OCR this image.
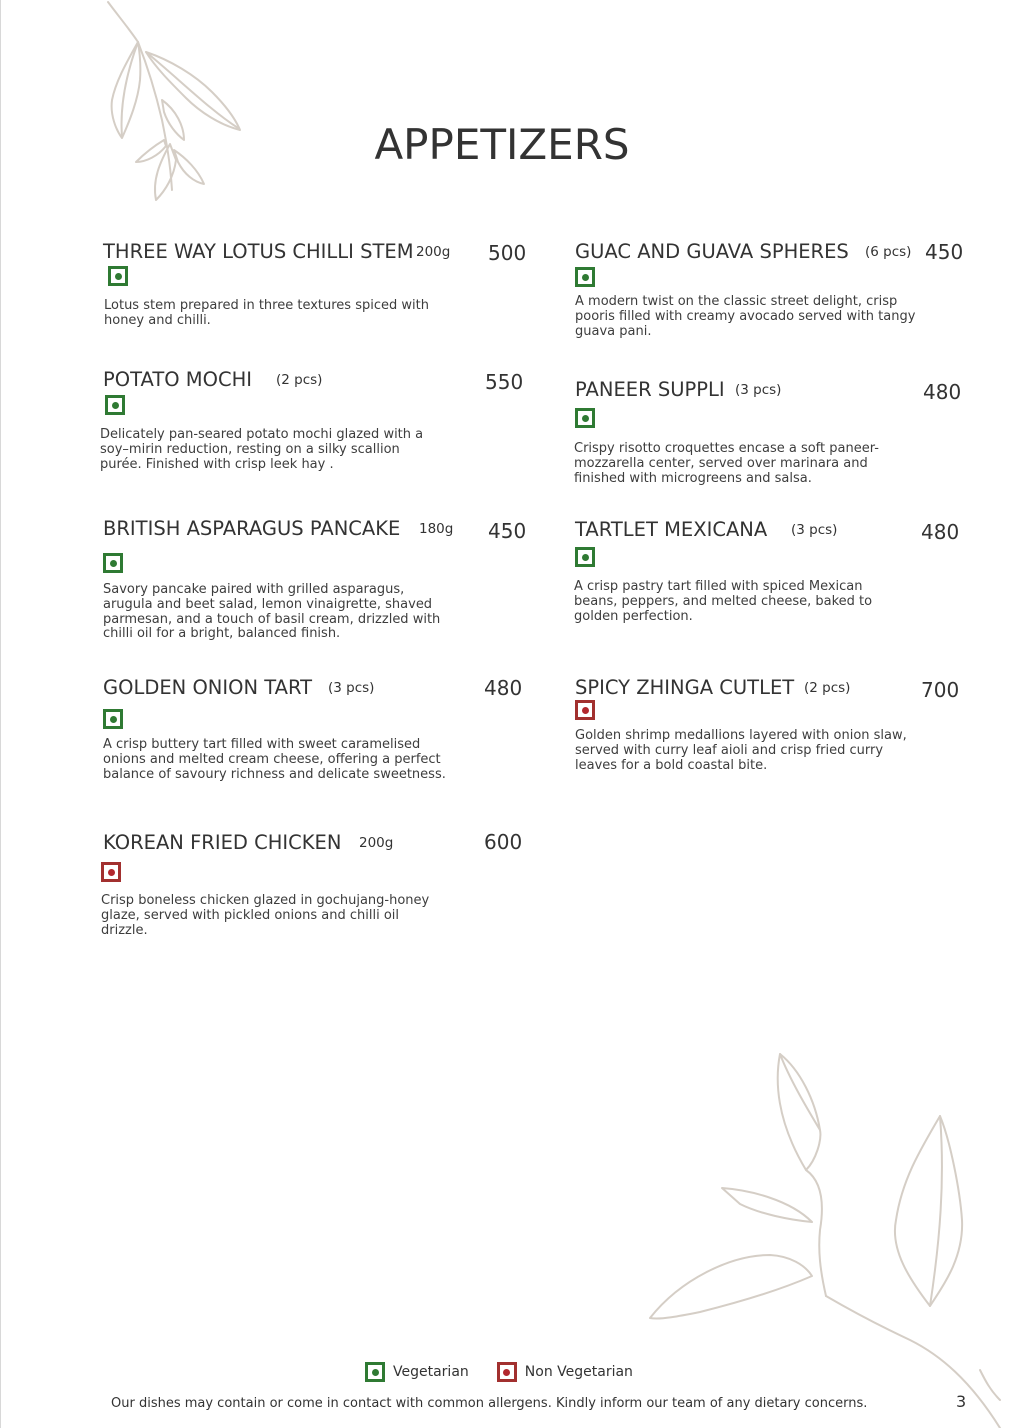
APPETIZERS
THREE WAY LOTUS CHILLI STEM 200g 500
Lotus stem prepared in three textures spiced with honey and chilli.
POTATO MOCHI (2 pcs)	550
Delicately pan-seared potato mochi glazed with a soy–mirin reduction, resting on a silky scallion purée. Finished with crisp leek hay .
BRITISH ASPARAGUS PANCAKE 180g 450
Savory pancake paired with grilled asparagus, arugula and beet salad, lemon vinaigrette, shaved parmesan, and a touch of basil cream, drizzled with chilli oil for a bright, balanced finish.
GOLDEN ONION TART (3 pcs)	480
A crisp buttery tart filled with sweet caramelised onions and melted cream cheese, offering a perfect balance of savoury richness and delicate sweetness.
KOREAN FRIED CHICKEN 200g	600
Crisp boneless chicken glazed in gochujang-honey glaze, served with pickled onions and chilli oil drizzle.
GUAC AND GUAVA SPHERES (6 pcs) 450
A modern twist on the classic street delight, crisp pooris filled with creamy avocado served with tangy guava pani.
PANEER SUPPLI (3 pcs)	480
Crispy risotto croquettes encase a soft paneer-mozzarella center, served over marinara and finished with microgreens and salsa.
TARTLET MEXICANA (3 pcs)	480
A crisp pastry tart filled with spiced Mexican beans, peppers, and melted cheese, baked to golden perfection.
SPICY ZHINGA CUTLET (2 pcs)	700
Golden shrimp medallions layered with onion slaw, served with curry leaf aioli and crisp fried curry leaves for a bold coastal bite.
Vegetarian	Non Vegetarian
Our dishes may contain or come in contact with common allergens. Kindly inform our team of any dietary concerns.	3
